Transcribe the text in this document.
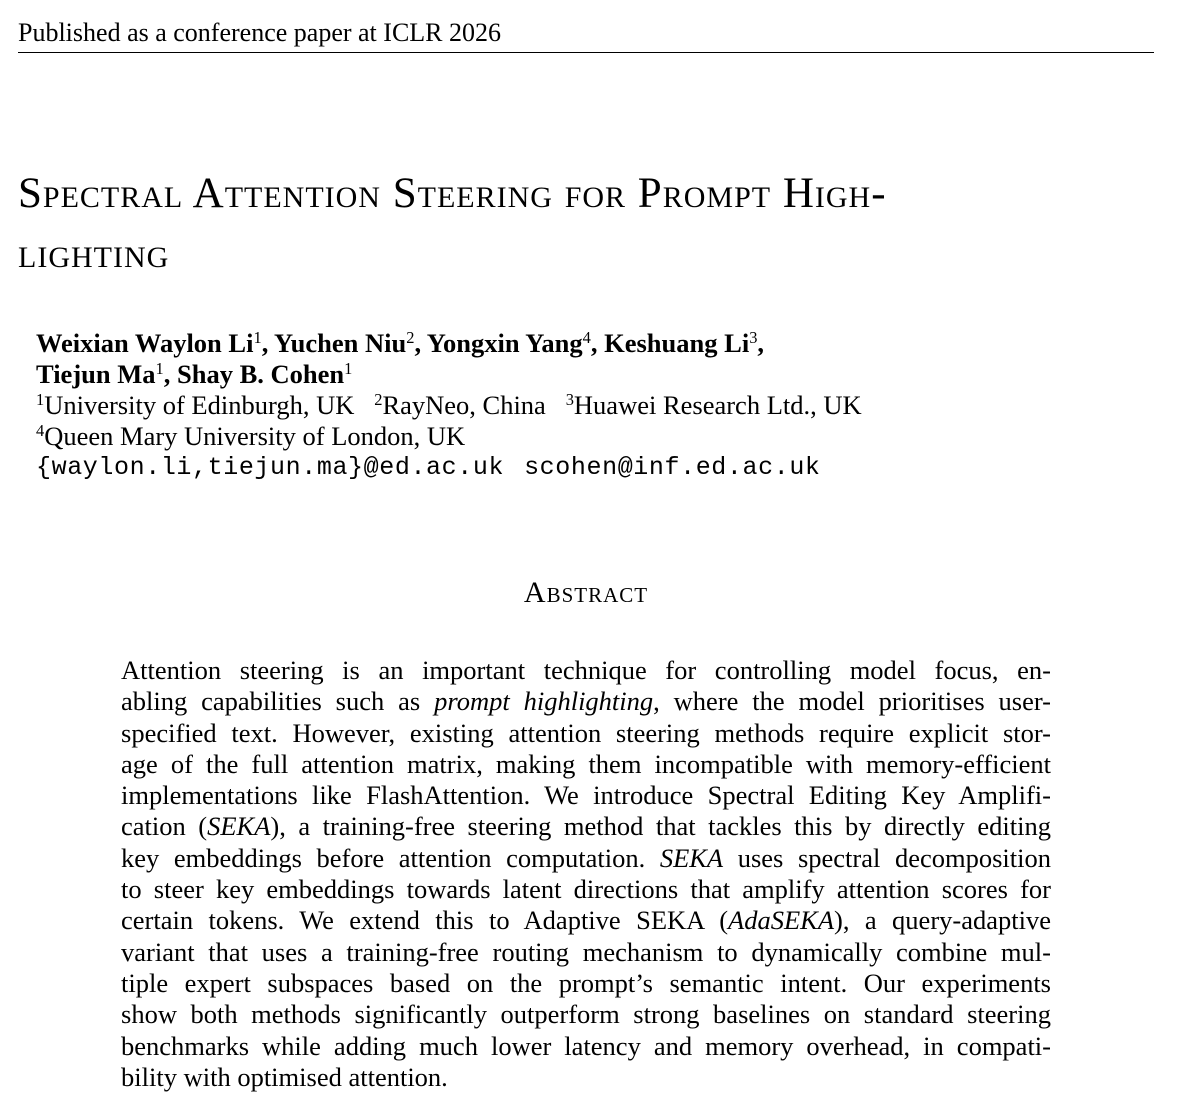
Published as a conference paper at ICLR 2026
Spectral Attention Steering for Prompt High-
lighting
Weixian Waylon Li$^1$, Yuchen Niu$^2$, Yongxin Yang$^4$, Keshuang Li$^3$,
Tiejun Ma$^1$, Shay B. Cohen$^1$
$^1$University of Edinburgh, UK $^2$RayNeo, China $^3$Huawei Research Ltd., UK
$^4$Queen Mary University of London, UK
{waylon.li,tiejun.ma}@ed.ac.uk scohen@inf.ed.ac.uk
Abstract
Attention steering is an important technique for controlling model focus, en-
abling capabilities such as prompt highlighting, where the model prioritises user-
specified text. However, existing attention steering methods require explicit stor-
age of the full attention matrix, making them incompatible with memory-efficient
implementations like FlashAttention. We introduce Spectral Editing Key Amplifi-
cation (SEKA), a training-free steering method that tackles this by directly editing
key embeddings before attention computation. SEKA uses spectral decomposition
to steer key embeddings towards latent directions that amplify attention scores for
certain tokens. We extend this to Adaptive SEKA (AdaSEKA), a query-adaptive
variant that uses a training-free routing mechanism to dynamically combine mul-
tiple expert subspaces based on the prompt’s semantic intent. Our experiments
show both methods significantly outperform strong baselines on standard steering
benchmarks while adding much lower latency and memory overhead, in compati-
bility with optimised attention.
